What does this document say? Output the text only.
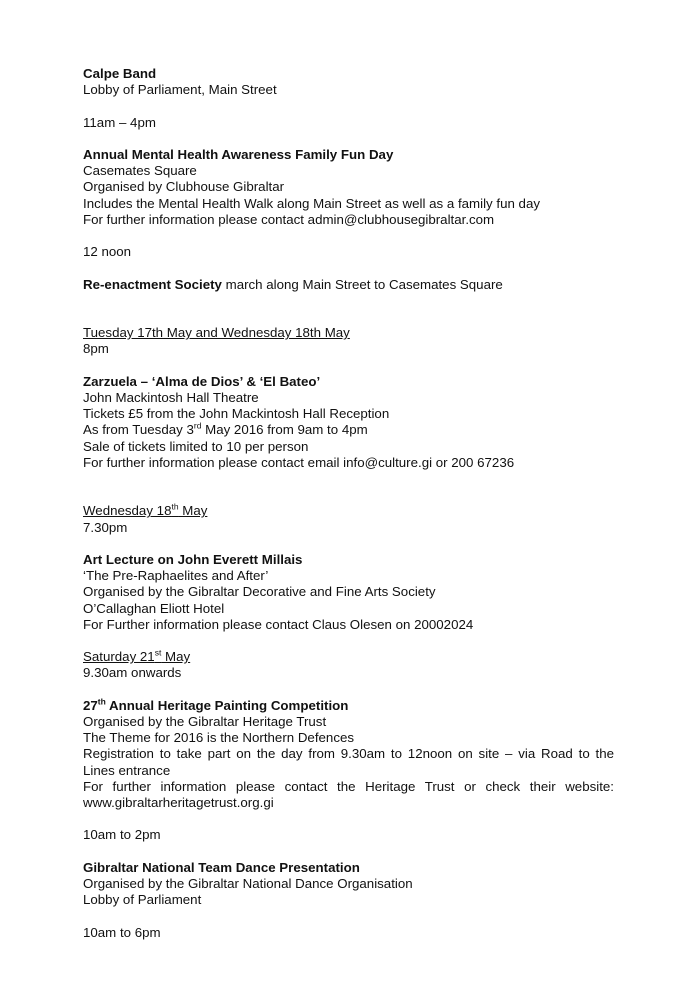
Calpe Band
Lobby of Parliament, Main Street
11am – 4pm
Annual Mental Health Awareness Family Fun Day
Casemates Square
Organised by Clubhouse Gibraltar
Includes the Mental Health Walk along Main Street as well as a family fun day
For further information please contact admin@clubhousegibraltar.com
12 noon
Re-enactment Society march along Main Street to Casemates Square
Tuesday 17th May and Wednesday 18th May
8pm
Zarzuela – ‘Alma de Dios’ & ‘El Bateo’
John Mackintosh Hall Theatre
Tickets £5 from the John Mackintosh Hall Reception
As from Tuesday 3rd May 2016 from 9am to 4pm
Sale of tickets limited to 10 per person
For further information please contact email info@culture.gi or 200 67236
Wednesday 18th May
7.30pm
Art Lecture on John Everett Millais
‘The Pre-Raphaelites and After’
Organised by the Gibraltar Decorative and Fine Arts Society
O’Callaghan Eliott Hotel
For Further information please contact Claus Olesen on 20002024
Saturday 21st May
9.30am onwards
27th Annual Heritage Painting Competition
Organised by the Gibraltar Heritage Trust
The Theme for 2016 is the Northern Defences
Registration to take part on the day from 9.30am to 12noon on site – via Road to the
Lines entrance
For further information please contact the Heritage Trust or check their website:
www.gibraltarheritagetrust.org.gi
10am to 2pm
Gibraltar National Team Dance Presentation
Organised by the Gibraltar National Dance Organisation
Lobby of Parliament
10am to 6pm
